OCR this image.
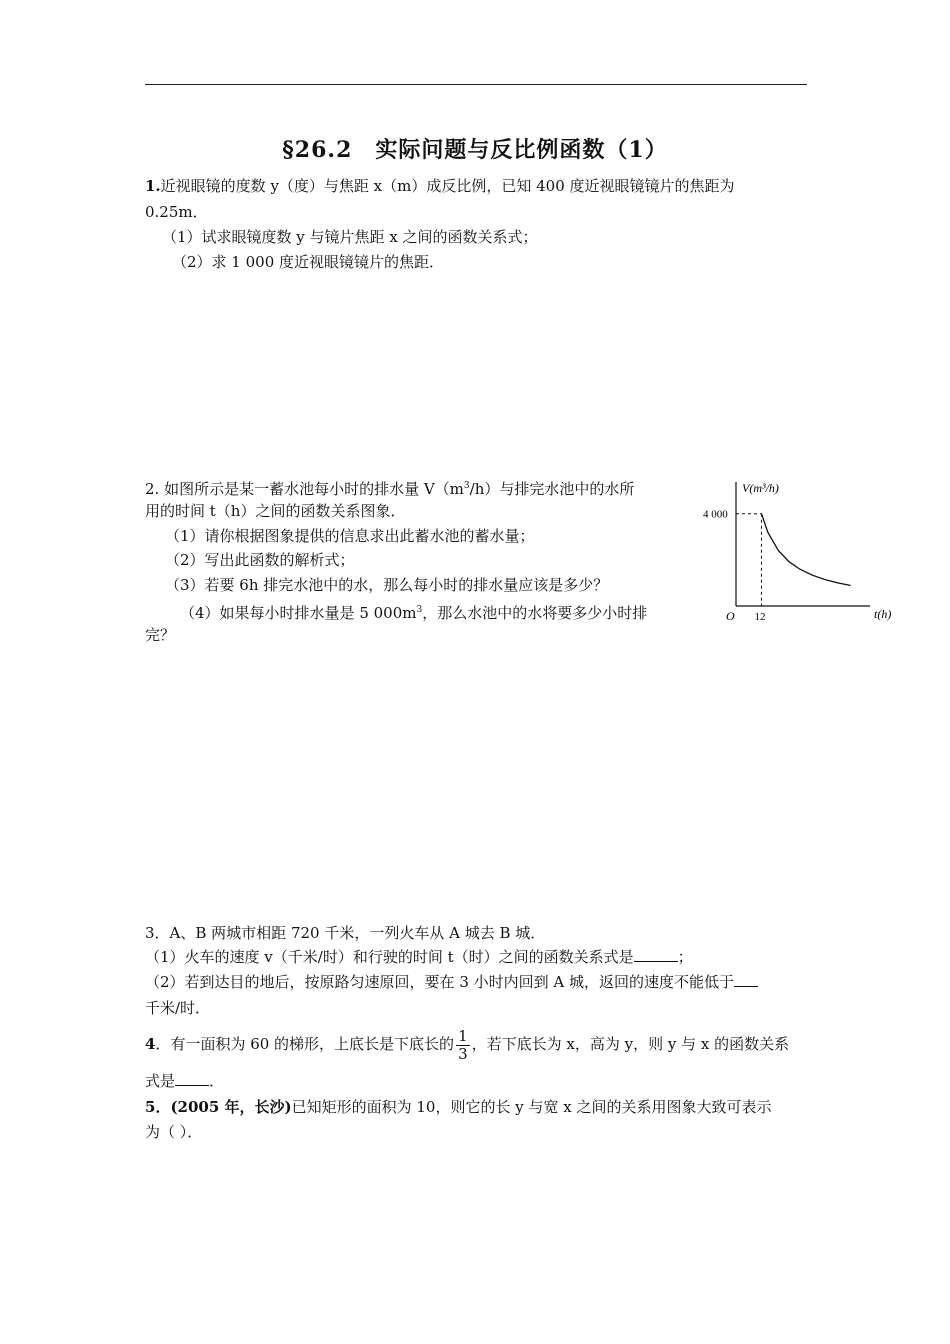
§26.2　实际问题与反比例函数（1）
1.近视眼镜的度数 y（度）与焦距 x（m）成反比例，已知 400 度近视眼镜镜片的焦距为
0.25m．
（1）试求眼镜度数 y 与镜片焦距 x 之间的函数关系式；
（2）求 1 000 度近视眼镜镜片的焦距．
2. 如图所示是某一蓄水池每小时的排水量 $V(m^3/h)$与排完水池中的水所
用的时间 t（h）之间的函数关系图象．
（1）请你根据图象提供的信息求出此蓄水池的蓄水量；
（2）写出此函数的解析式；
（3）若要 6h 排完水池中的水，那么每小时的排水量应该是多少？
（4）如果每小时排水量是 5 $000m^3$，那么水池中的水将要多少小时排
完？
V(m³/h)
t(h)
O 12
4 000
3．A、B 两城市相距 720 千米，一列火车从 A 城去 B 城．
（1）火车的速度 v（千米/时）和行驶的时间 t（时）之间的函数关系式是	；
（2）若到达目的地后，按原路匀速原回，要在 3 小时内回到 A 城，返回的速度不能低于
千米/时．
4．有一面积为 60 的梯形，上底长是下底长的 $\frac{1}{3}$ ，若下底长为 x，高为 y，则 y 与 x 的函数关系
式是 ．
5．(2005 年，长沙)已知矩形的面积为 10，则它的长 y 与宽 x 之间的关系用图象大致可表示
为（ ）．
